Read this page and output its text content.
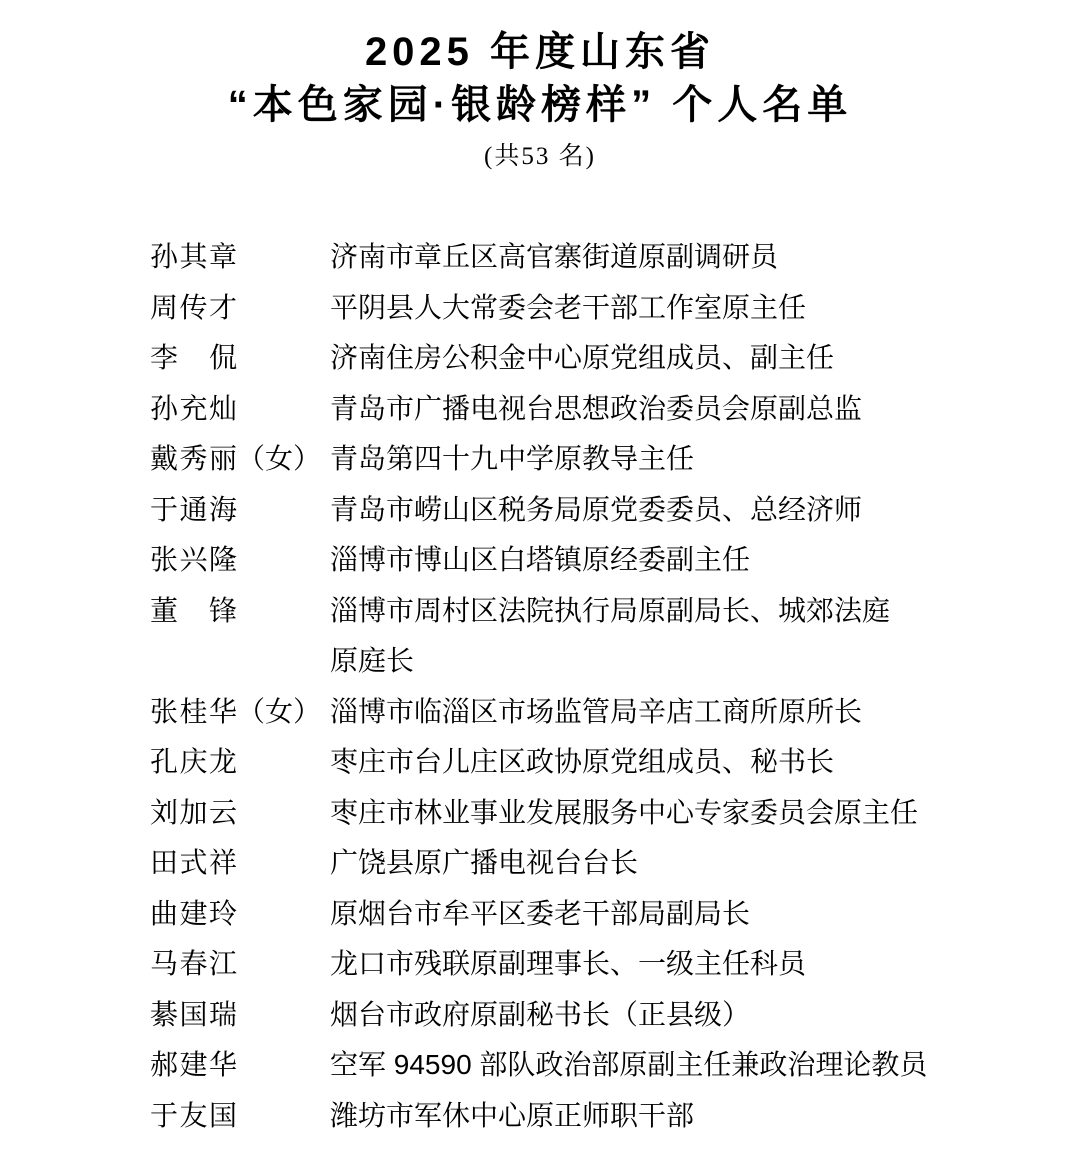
2025 年度山东省
“本色家园·银龄榜样” 个人名单
(共53 名)
孙其章	济南市章丘区高官寨街道原副调研员
周传才	平阴县人大常委会老干部工作室原主任
李侃	济南住房公积金中心原党组成员、副主任
孙充灿	青岛市广播电视台思想政治委员会原副总监
戴秀丽（女） 青岛第四十九中学原教导主任
于通海	青岛市崂山区税务局原党委委员、总经济师
张兴隆	淄博市博山区白塔镇原经委副主任
董锋	淄博市周村区法院执行局原副局长、城郊法庭
原庭长
张桂华（女） 淄博市临淄区市场监管局辛店工商所原所长
孔庆龙	枣庄市台儿庄区政协原党组成员、秘书长
刘加云	枣庄市林业事业发展服务中心专家委员会原主任
田式祥	广饶县原广播电视台台长
曲建玲	原烟台市牟平区委老干部局副局长
马春江	龙口市残联原副理事长、一级主任科员
綦国瑞	烟台市政府原副秘书长（正县级）
郝建华	空军 94590 部队政治部原副主任兼政治理论教员
于友国	潍坊市军休中心原正师职干部
